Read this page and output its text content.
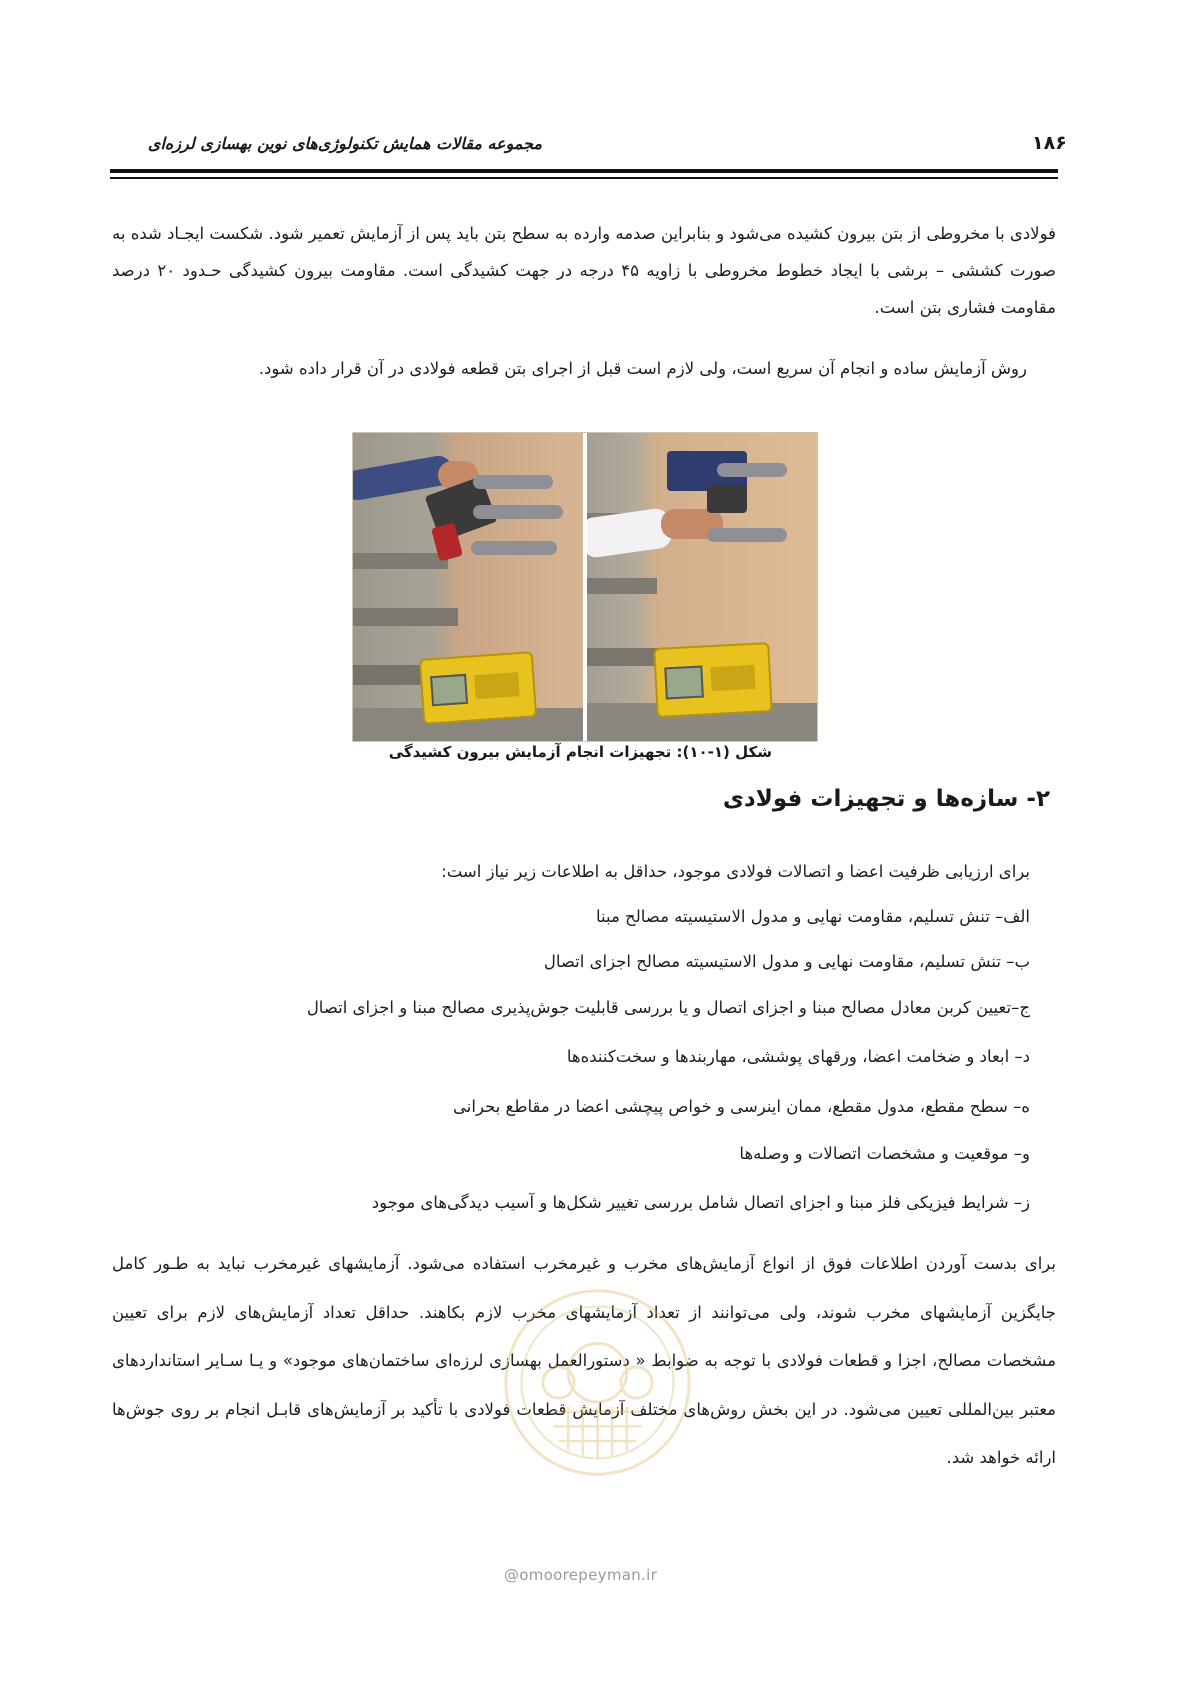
۱۸۶
مجموعه مقالات همایش تکنولوژی‌های نوین بهسازی لرزه‌ای
فولادی با مخروطی از بتن بیرون کشیده می‌شود و بنابراین صدمه وارده به سطح بتن باید پس از آزمایش تعمیر شود. شکست ایجـاد شده به صورت کششی – برشی با ایجاد خطوط مخروطی با زاویه ۴۵ درجه در جهت کشیدگی است. مقاومت بیرون کشیدگی حـدود ۲۰ درصد مقاومت فشاری بتن است.
روش آزمایش ساده و انجام آن سریع است، ولی لازم است قبل از اجرای بتن قطعه فولادی در آن قرار داده شود.
شکل (۱-۱۰): تجهیزات انجام آزمایش بیرون کشیدگی
۲- سازه‌ها و تجهیزات فولادی
برای ارزیابی ظرفیت اعضا و اتصالات فولادی موجود، حداقل به اطلاعات زیر نیاز است:
الف– تنش تسلیم، مقاومت نهایی و مدول الاستیسیته مصالح مبنا
ب– تنش تسلیم، مقاومت نهایی و مدول الاستیسیته مصالح اجزای اتصال
ج–تعیین کربن معادل مصالح مبنا و اجزای اتصال و یا بررسی قابلیت جوش‌پذیری مصالح مبنا و اجزای اتصال
د– ابعاد و ضخامت اعضا، ورقهای پوششی، مهاربندها و سخت‌کننده‌ها
ه– سطح مقطع، مدول مقطع، ممان اینرسی و خواص پیچشی اعضا در مقاطع بحرانی
و– موقعیت و مشخصات اتصالات و وصله‌ها
ز– شرایط فیزیکی فلز مبنا و اجزای اتصال شامل بررسی تغییر شکل‌ها و آسیب دیدگی‌های موجود
برای بدست آوردن اطلاعات فوق از انواع آزمایش‌های مخرب و غیرمخرب استفاده می‌شود. آزمایشهای غیرمخرب نباید به طـور کامل جایگزین آزمایشهای مخرب شوند، ولی می‌توانند از تعداد آزمایشهای مخرب لازم بکاهند. حداقل تعداد آزمایش‌های لازم برای تعیین مشخصات مصالح، اجزا و قطعات فولادی با توجه به ضوابط « دستورالعمل بهسازی لرزه‌ای ساختمان‌های موجود» و یـا سـایر استانداردهای معتبر بین‌المللی تعیین می‌شود. در این بخش روش‌های مختلف آزمایش قطعات فولادی با تأکید بر آزمایش‌های قابـل انجام بر روی جوش‌ها ارائه خواهد شد.
@omoorepeyman.ir
